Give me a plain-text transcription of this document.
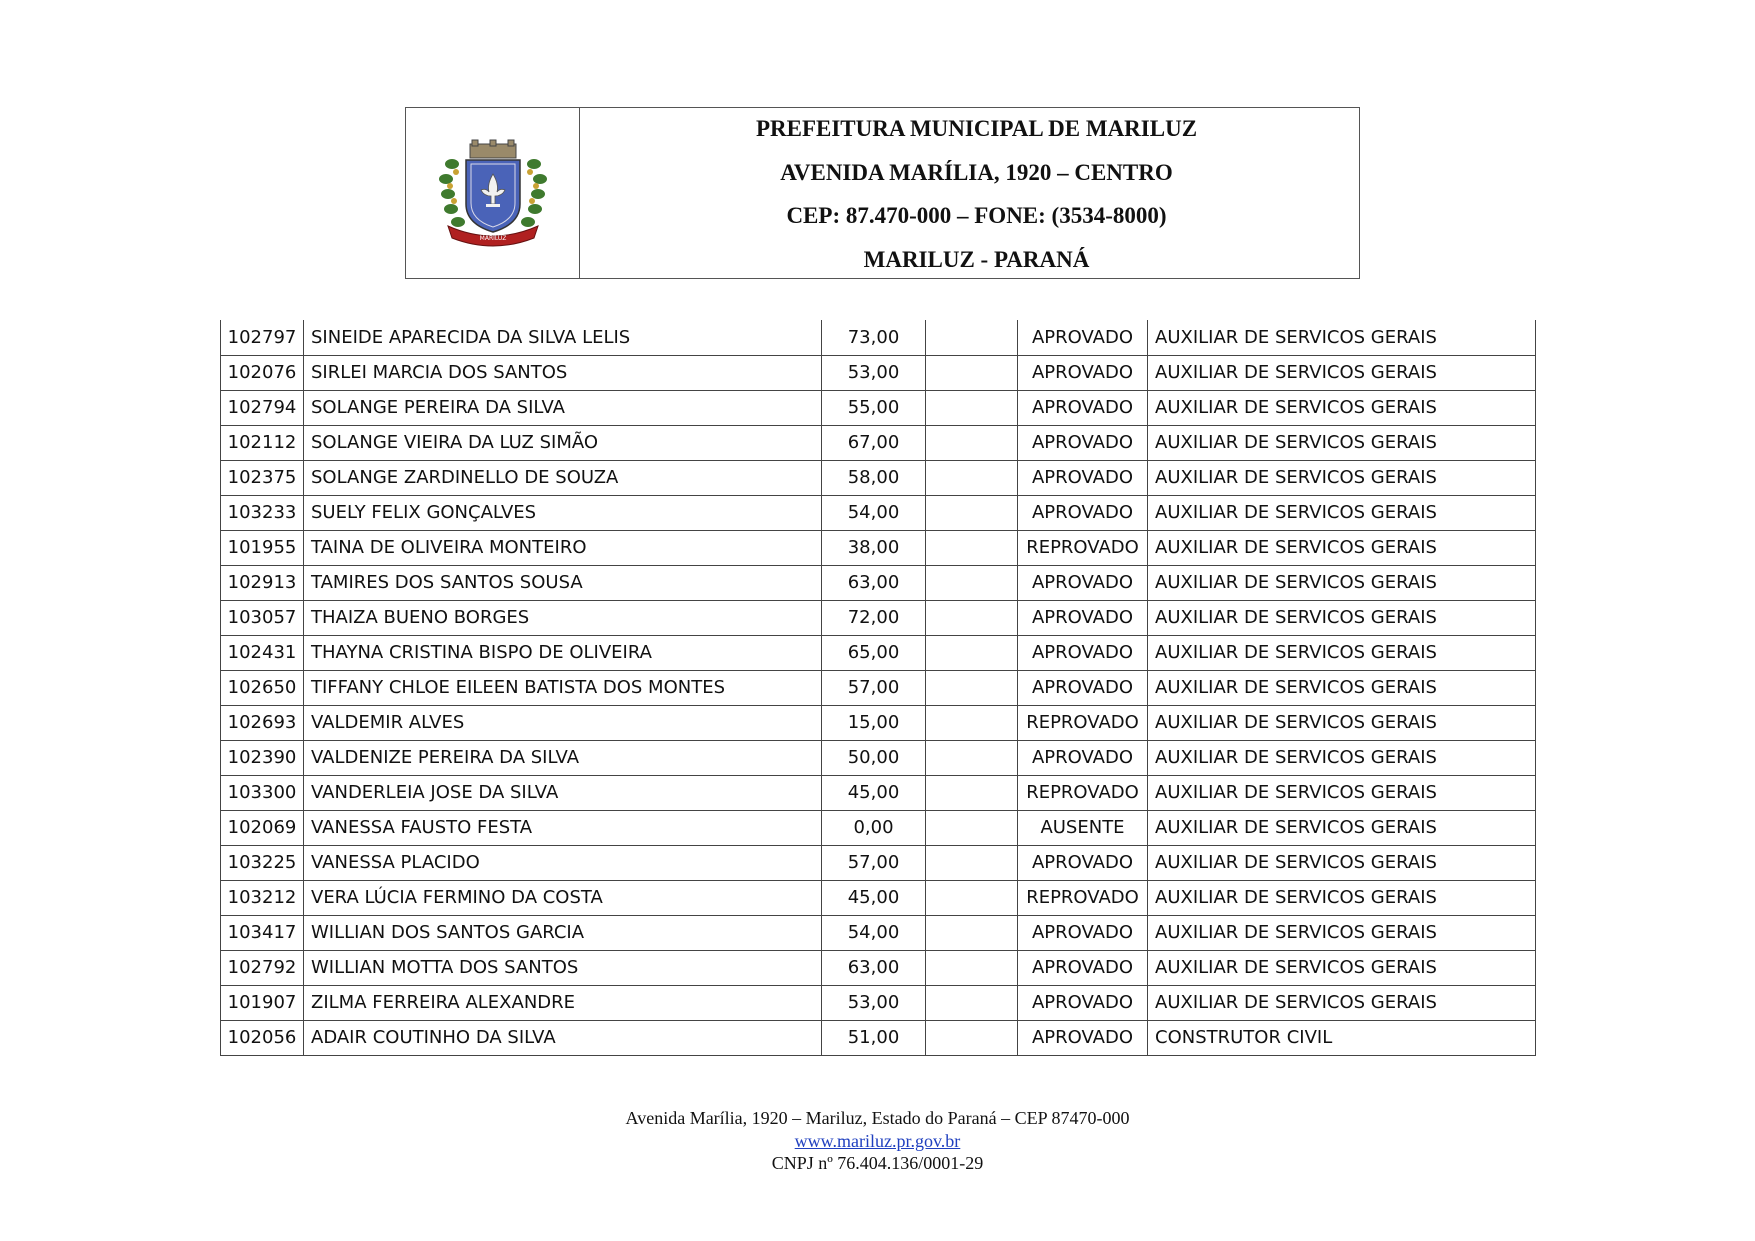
MARILUZ
PREFEITURA MUNICIPAL DE MARILUZ
AVENIDA MARÍLIA, 1920 – CENTRO
CEP: 87.470-000 – FONE: (3534-8000)
MARILUZ - PARANÁ
102797	SINEIDE APARECIDA DA SILVA LELIS	73,00		APROVADO	AUXILIAR DE SERVICOS GERAIS
102076	SIRLEI MARCIA DOS SANTOS	53,00		APROVADO	AUXILIAR DE SERVICOS GERAIS
102794	SOLANGE PEREIRA DA SILVA	55,00		APROVADO	AUXILIAR DE SERVICOS GERAIS
102112	SOLANGE VIEIRA DA LUZ SIMÃO	67,00		APROVADO	AUXILIAR DE SERVICOS GERAIS
102375	SOLANGE ZARDINELLO DE SOUZA	58,00		APROVADO	AUXILIAR DE SERVICOS GERAIS
103233	SUELY FELIX GONÇALVES	54,00		APROVADO	AUXILIAR DE SERVICOS GERAIS
101955	TAINA DE OLIVEIRA MONTEIRO	38,00		REPROVADO	AUXILIAR DE SERVICOS GERAIS
102913	TAMIRES DOS SANTOS SOUSA	63,00		APROVADO	AUXILIAR DE SERVICOS GERAIS
103057	THAIZA BUENO BORGES	72,00		APROVADO	AUXILIAR DE SERVICOS GERAIS
102431	THAYNA CRISTINA BISPO DE OLIVEIRA	65,00		APROVADO	AUXILIAR DE SERVICOS GERAIS
102650	TIFFANY CHLOE EILEEN BATISTA DOS MONTES	57,00		APROVADO	AUXILIAR DE SERVICOS GERAIS
102693	VALDEMIR ALVES	15,00		REPROVADO	AUXILIAR DE SERVICOS GERAIS
102390	VALDENIZE PEREIRA DA SILVA	50,00		APROVADO	AUXILIAR DE SERVICOS GERAIS
103300	VANDERLEIA JOSE DA SILVA	45,00		REPROVADO	AUXILIAR DE SERVICOS GERAIS
102069	VANESSA FAUSTO FESTA	0,00		AUSENTE	AUXILIAR DE SERVICOS GERAIS
103225	VANESSA PLACIDO	57,00		APROVADO	AUXILIAR DE SERVICOS GERAIS
103212	VERA LÚCIA FERMINO DA COSTA	45,00		REPROVADO	AUXILIAR DE SERVICOS GERAIS
103417	WILLIAN DOS SANTOS GARCIA	54,00		APROVADO	AUXILIAR DE SERVICOS GERAIS
102792	WILLIAN MOTTA DOS SANTOS	63,00		APROVADO	AUXILIAR DE SERVICOS GERAIS
101907	ZILMA FERREIRA ALEXANDRE	53,00		APROVADO	AUXILIAR DE SERVICOS GERAIS
102056	ADAIR COUTINHO DA SILVA	51,00		APROVADO	CONSTRUTOR CIVIL
Avenida Marília, 1920 – Mariluz, Estado do Paraná – CEP 87470-000
www.mariluz.pr.gov.br
CNPJ nº 76.404.136/0001-29
